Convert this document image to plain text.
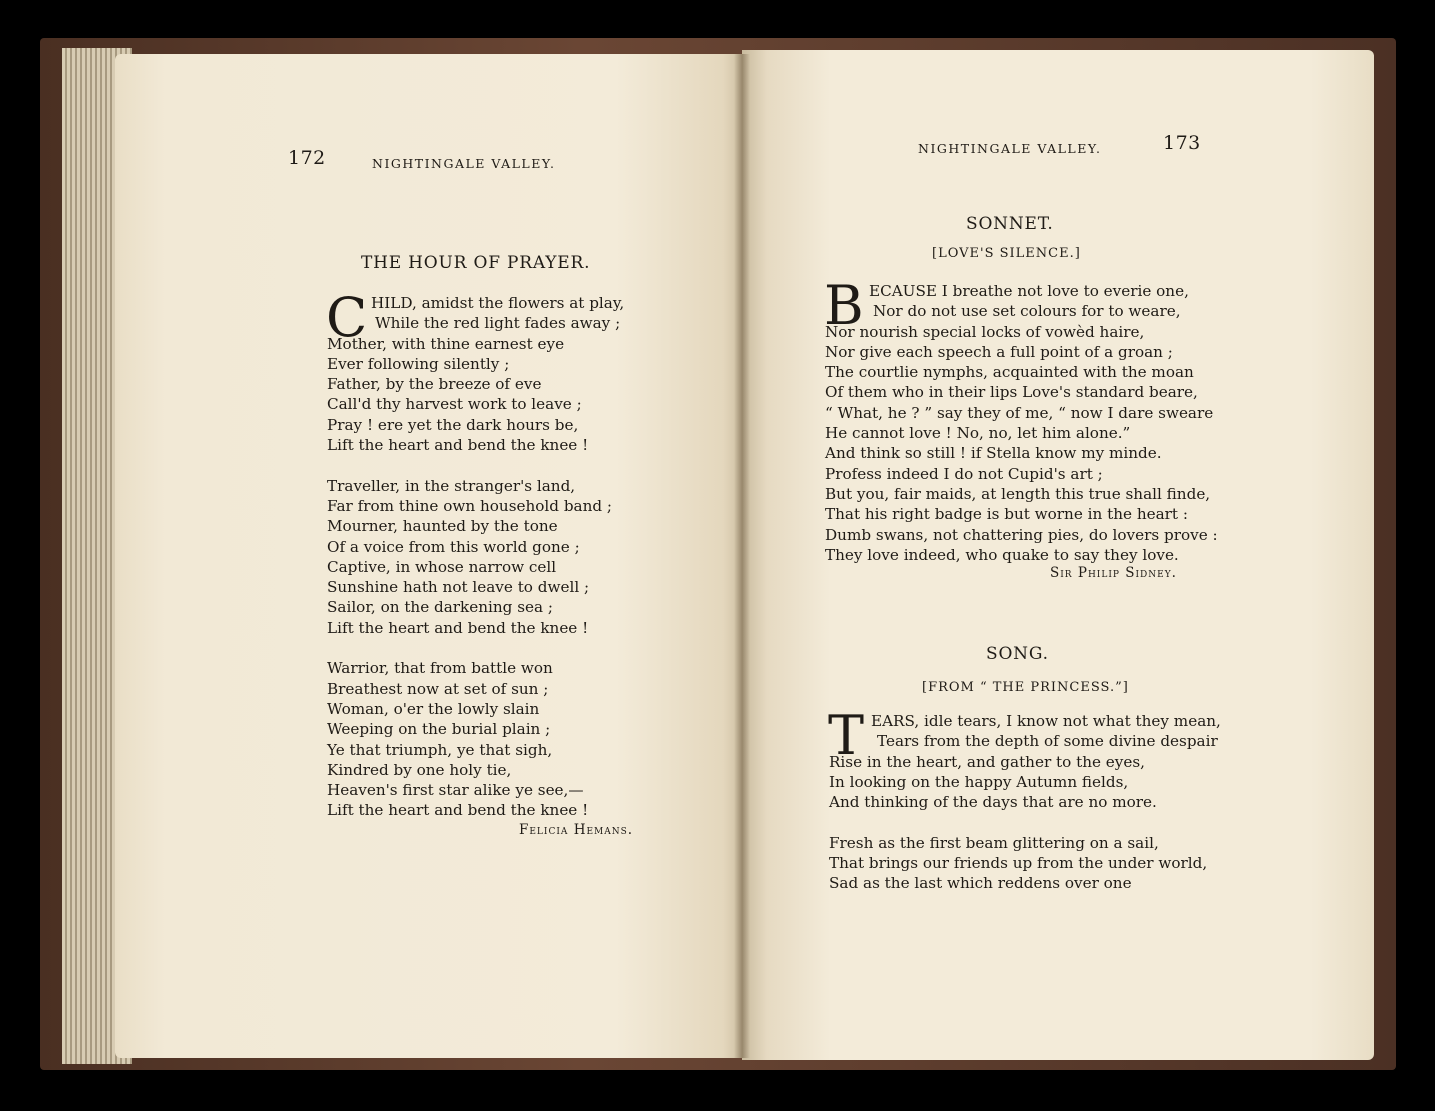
172	NIGHTINGALE VALLEY.
THE HOUR OF PRAYER.
C HILD, amidst the flowers at play,
While the red light fades away ;
Mother, with thine earnest eye
Ever following silently ;
Father, by the breeze of eve
Call'd thy harvest work to leave ;
Pray ! ere yet the dark hours be,
Lift the heart and bend the knee !
Traveller, in the stranger's land,
Far from thine own household band ;
Mourner, haunted by the tone
Of a voice from this world gone ;
Captive, in whose narrow cell
Sunshine hath not leave to dwell ;
Sailor, on the darkening sea ;
Lift the heart and bend the knee !
Warrior, that from battle won
Breathest now at set of sun ;
Woman, o'er the lowly slain
Weeping on the burial plain ;
Ye that triumph, ye that sigh,
Kindred by one holy tie,
Heaven's first star alike ye see,—
Lift the heart and bend the knee !
Felicia Hemans.
NIGHTINGALE VALLEY.	173
SONNET.
[LOVE'S SILENCE.]
B ECAUSE I breathe not love to everie one,
Nor do not use set colours for to weare,
Nor nourish special locks of vowèd haire,
Nor give each speech a full point of a groan ;
The courtlie nymphs, acquainted with the moan
Of them who in their lips Love's standard beare,
“ What, he ? ” say they of me, “ now I dare sweare
He cannot love ! No, no, let him alone.”
And think so still ! if Stella know my minde.
Profess indeed I do not Cupid's art ;
But you, fair maids, at length this true shall finde,
That his right badge is but worne in the heart :
Dumb swans, not chattering pies, do lovers prove :
They love indeed, who quake to say they love.
Sir Philip Sidney.
SONG.
[FROM “ THE PRINCESS.”]
T EARS, idle tears, I know not what they mean,
Tears from the depth of some divine despair
Rise in the heart, and gather to the eyes,
In looking on the happy Autumn fields,
And thinking of the days that are no more.
Fresh as the first beam glittering on a sail,
That brings our friends up from the under world,
Sad as the last which reddens over one
